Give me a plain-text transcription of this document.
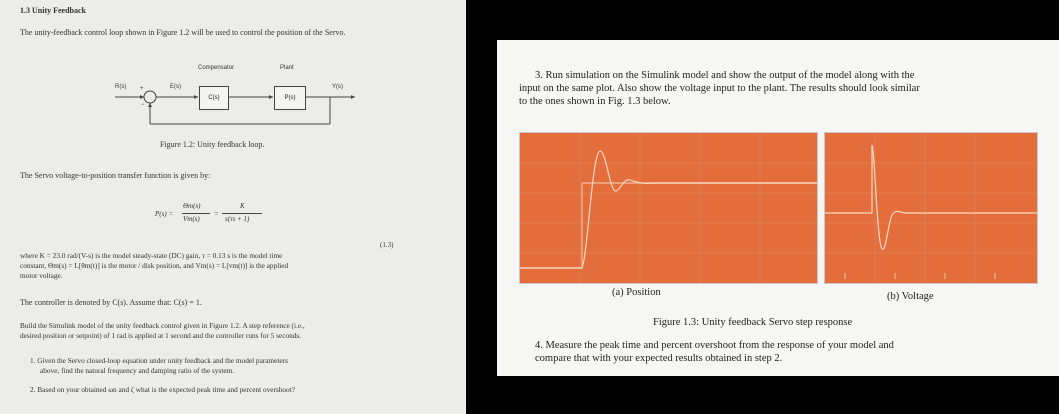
1.3 Unity Feedback
The unity-feedback control loop shown in Figure 1.2 will be used to control the position of the Servo.
Compensator	Plant
R(s)	E(s)	Y(s)
+
−
C(s)	P(s)
Figure 1.2: Unity feedback loop.
The Servo voltage-to-position transfer function is given by:
P(s) =
Θm(s)
Vm(s)
=
K
s(τs + 1)
(1.3)
where K = 23.0 rad/(V-s) is the model steady-state (DC) gain, τ = 0.13 s is the model time
constant, Θm(s) = L[θm(t)] is the motor / disk position, and Vm(s) = L[vm(t)] is the applied
motor voltage.
The controller is denoted by C(s). Assume that: C(s) = 1.
Build the Simulink model of the unity feedback control given in Figure 1.2. A step reference (i.e.,
desired position or setpoint) of 1 rad is applied at 1 second and the controller runs for 5 seconds.
1. Given the Servo closed-loop equation under unity feedback and the model parameters
above, find the natural frequency and damping ratio of the system.
2. Based on your obtained ωn and ζ what is the expected peak time and percent overshoot?
3. Run simulation on the Simulink model and show the output of the model along with the
input on the same plot. Also show the voltage input to the plant. The results should look similar
to the ones shown in Fig. 1.3 below.
(a) Position	(b) Voltage
Figure 1.3: Unity feedback Servo step response
4. Measure the peak time and percent overshoot from the response of your model and
compare that with your expected results obtained in step 2.
